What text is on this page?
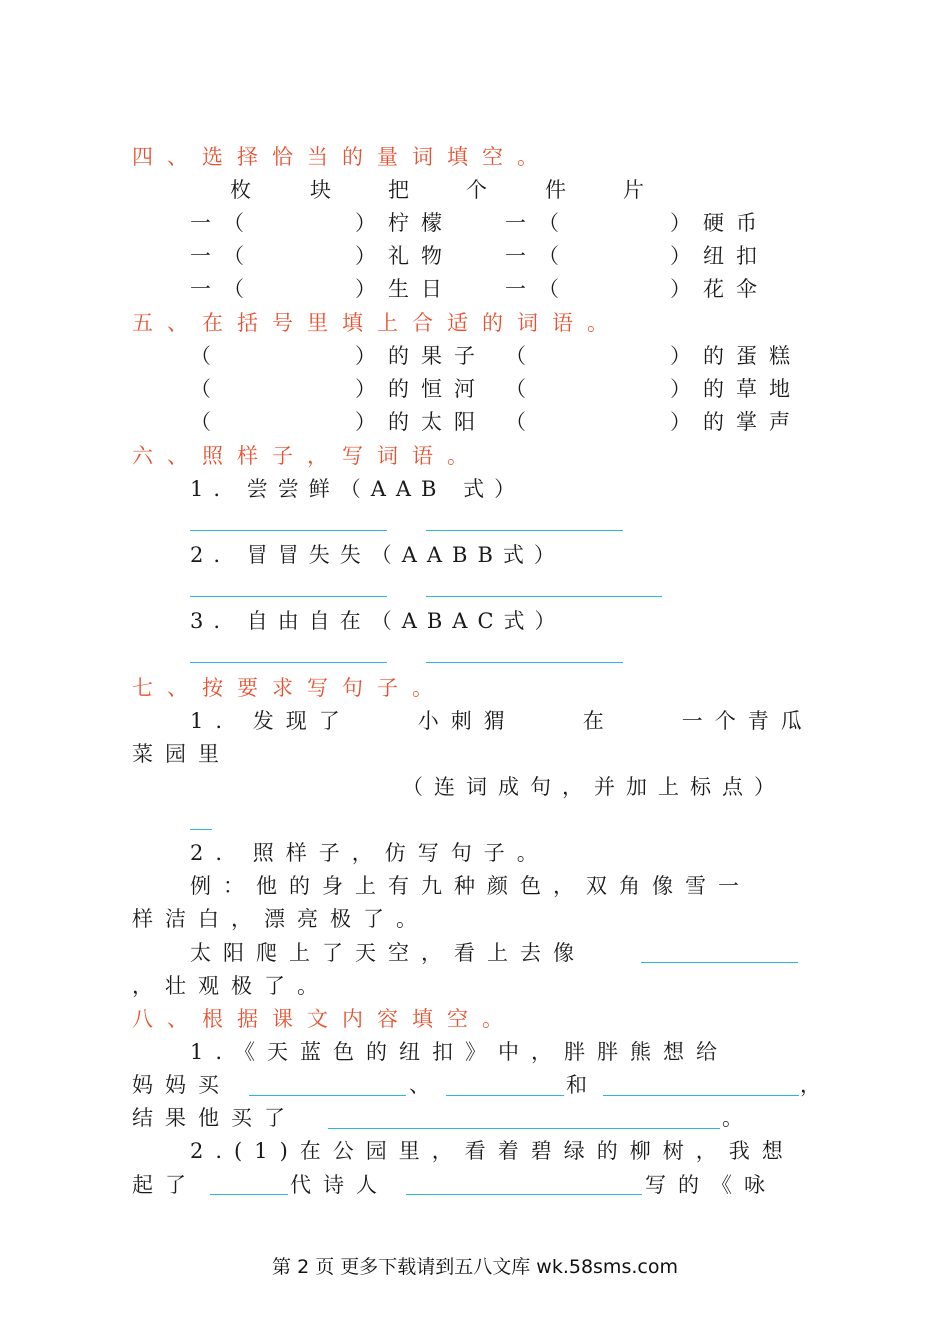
四、选择恰当的量词填空。
枚	块	把	个	件	片
一（　　　）柠檬 一（　　　）硬币
一（　　　）礼物 一（　　　）纽扣
一（　　　）生日 一（　　　）花伞
五、在括号里填上合适的词语。
（　　　　）的果子 （　　　　）的蛋糕
（　　　　）的恒河 （　　　　）的草地
（　　　　）的太阳 （　　　　）的掌声
六、照样子，写词语。
1. 尝尝鲜（AAB 式）
2. 冒冒失失（AABB式）
3. 自由自在（ABAC式）
七、按要求写句子。
1. 发现了　　小刺猬　　在　　一个青瓜
菜园里
（连词成句，并加上标点）
2. 照样子，仿写句子。
例：他的身上有九种颜色，双角像雪一
样洁白，漂亮极了。
太阳爬上了天空，看上去像
，壮观极了。
八、根据课文内容填空。
1.《天蓝色的纽扣》中，胖胖熊想给
妈妈买	、	和	，
结果他买了	。
2.(1)在公园里，看着碧绿的柳树，我想
起了	代诗人	写的《咏
第 2 页 更多下载请到五八文库 wk.58sms.com
